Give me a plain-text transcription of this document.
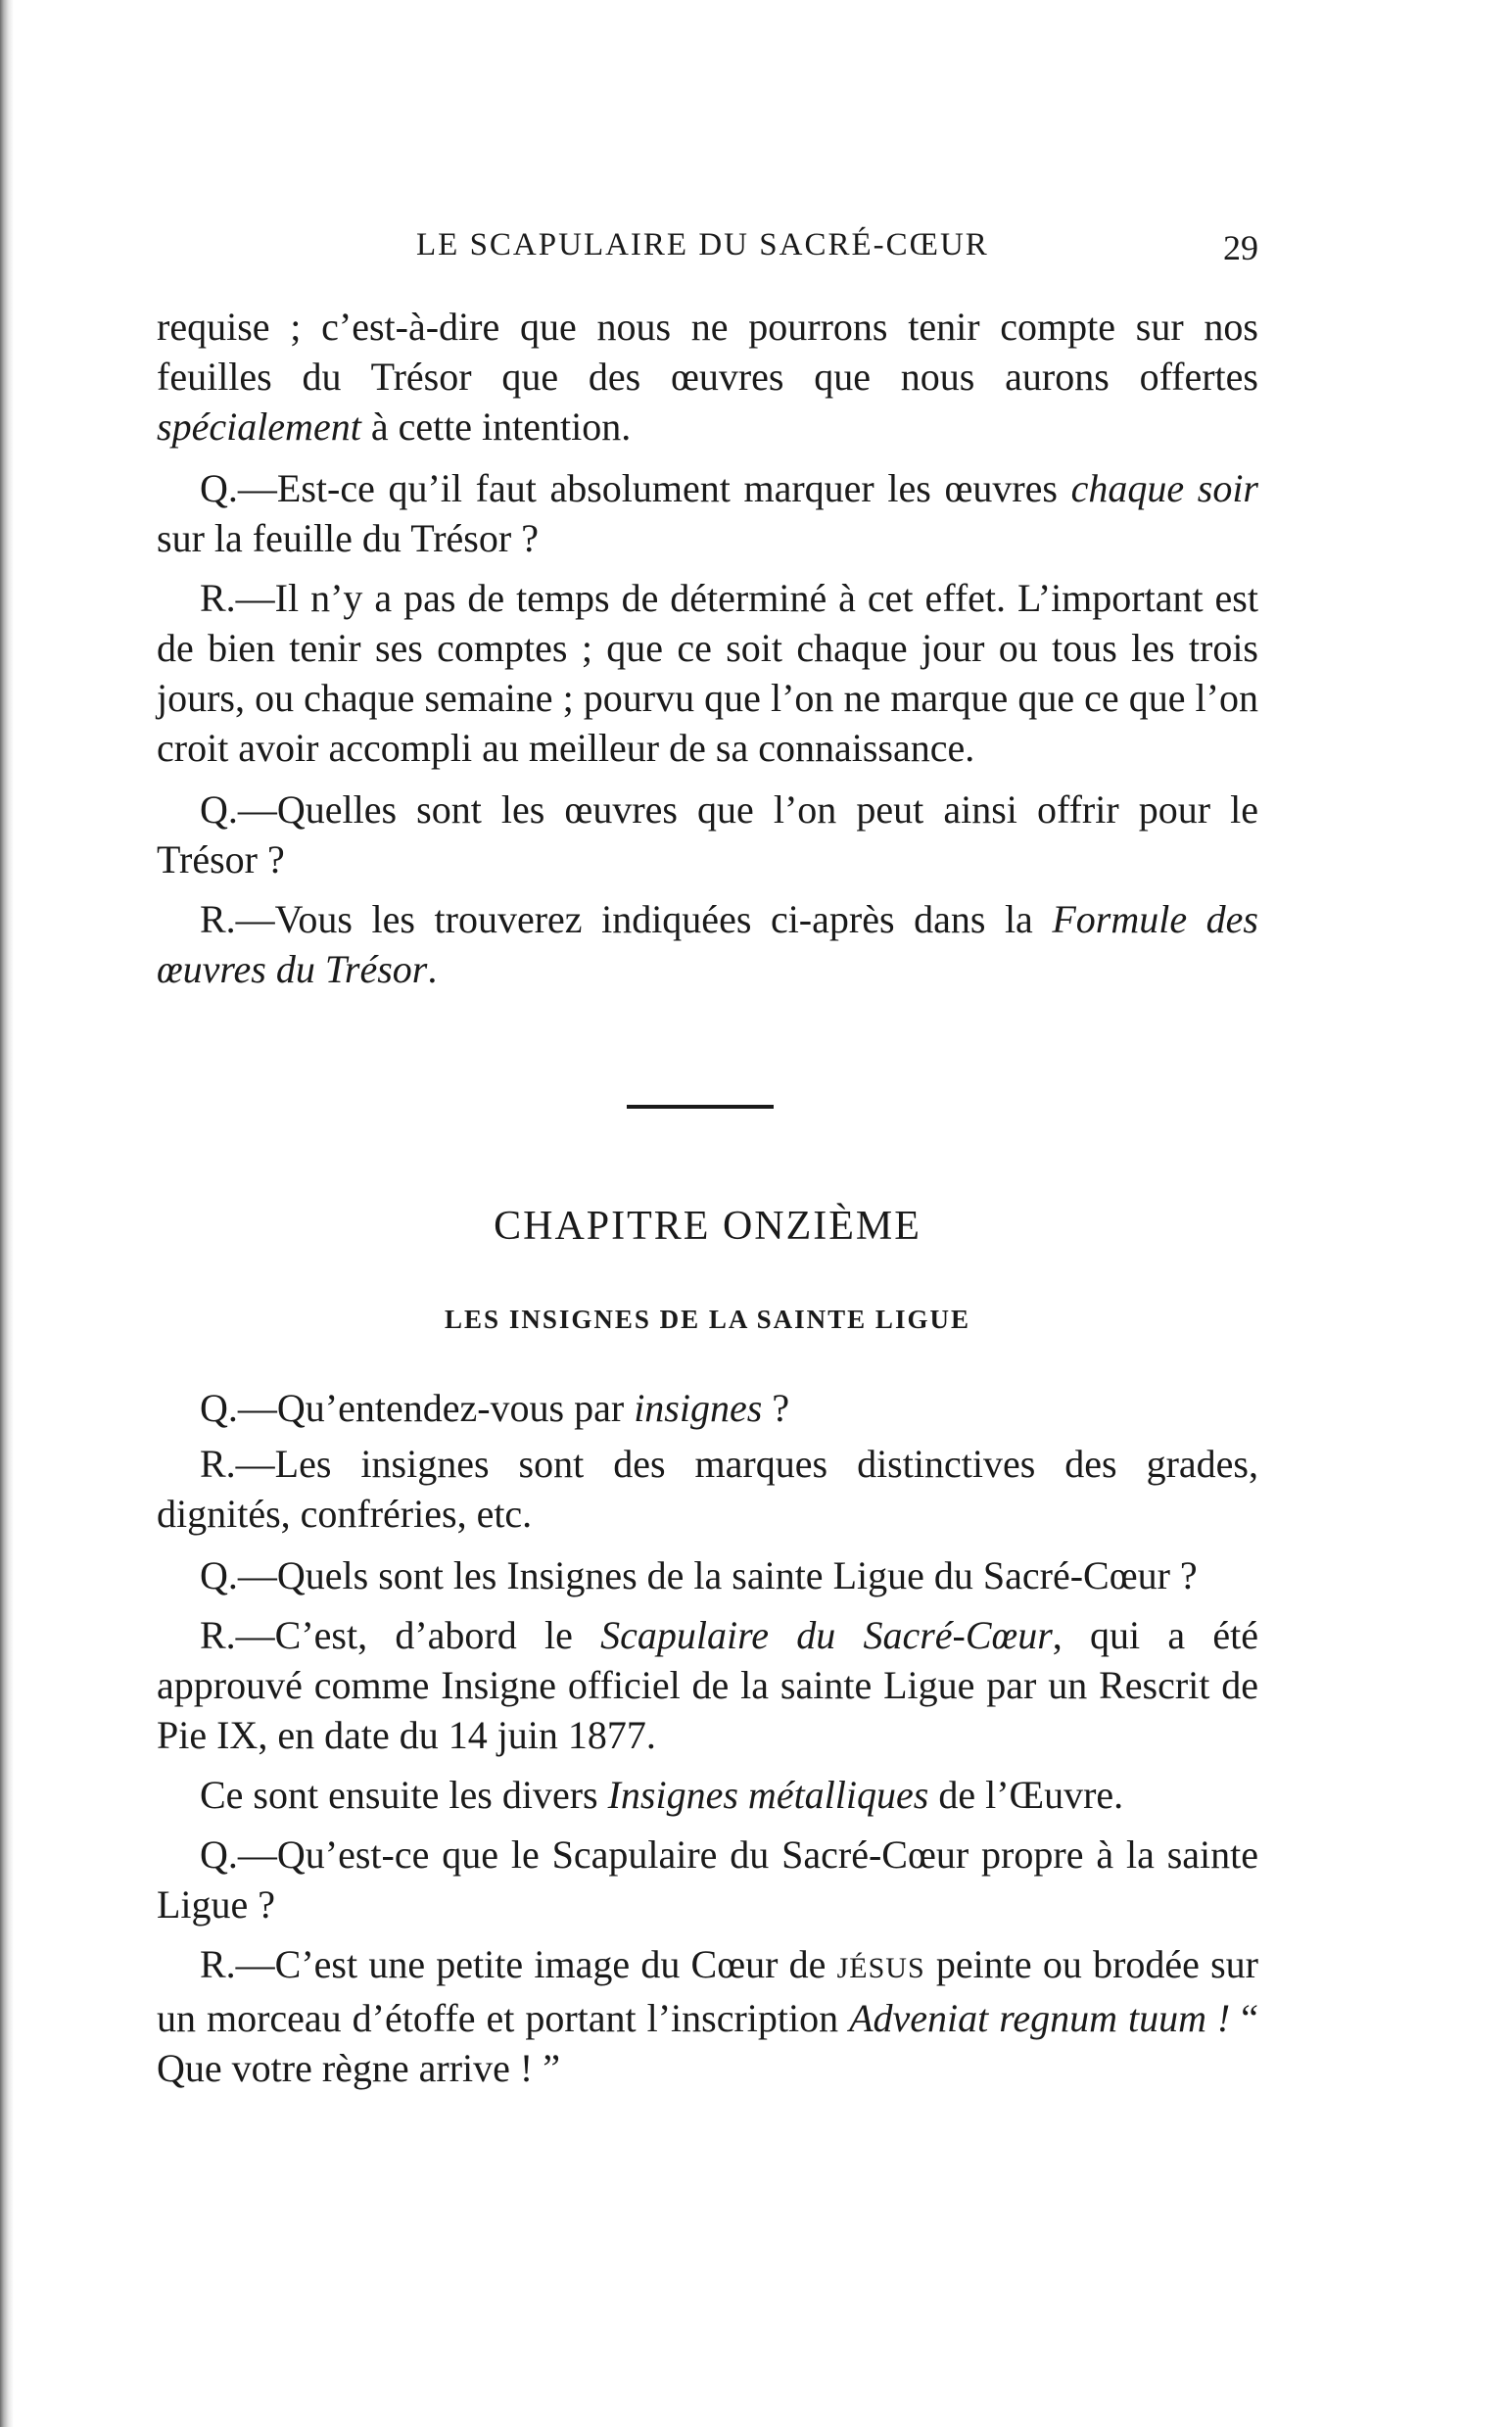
LE SCAPULAIRE DU SACRÉ-CŒUR	29

requise ; c’est-à-dire que nous ne pourrons tenir compte sur nos feuilles du Trésor que des œuvres que nous aurons offertes spécialement à cette intention.

Q.—Est-ce qu’il faut absolument marquer les œuvres chaque soir sur la feuille du Trésor ?

R.—Il n’y a pas de temps de déterminé à cet effet. L’important est de bien tenir ses comptes ; que ce soit chaque jour ou tous les trois jours, ou chaque semaine ; pourvu que l’on ne marque que ce que l’on croit avoir accompli au meilleur de sa connaissance.

Q.—Quelles sont les œuvres que l’on peut ainsi offrir pour le Trésor ?

R.—Vous les trouverez indiquées ci-après dans la Formule des œuvres du Trésor.

CHAPITRE ONZIÈME
LES INSIGNES DE LA SAINTE LIGUE

Q.—Qu’entendez-vous par insignes ?

R.—Les insignes sont des marques distinctives des grades, dignités, confréries, etc.

Q.—Quels sont les Insignes de la sainte Ligue du Sacré-Cœur ?

R.—C’est, d’abord le Scapulaire du Sacré-Cœur, qui a été approuvé comme Insigne officiel de la sainte Ligue par un Rescrit de Pie IX, en date du 14 juin 1877.

Ce sont ensuite les divers Insignes métalliques de l’Œuvre.

Q.—Qu’est-ce que le Scapulaire du Sacré-Cœur propre à la sainte Ligue ?

R.—C’est une petite image du Cœur de JÉSUS peinte ou brodée sur un morceau d’étoffe et portant l’inscription Adveniat regnum tuum ! “ Que votre règne arrive ! ”
